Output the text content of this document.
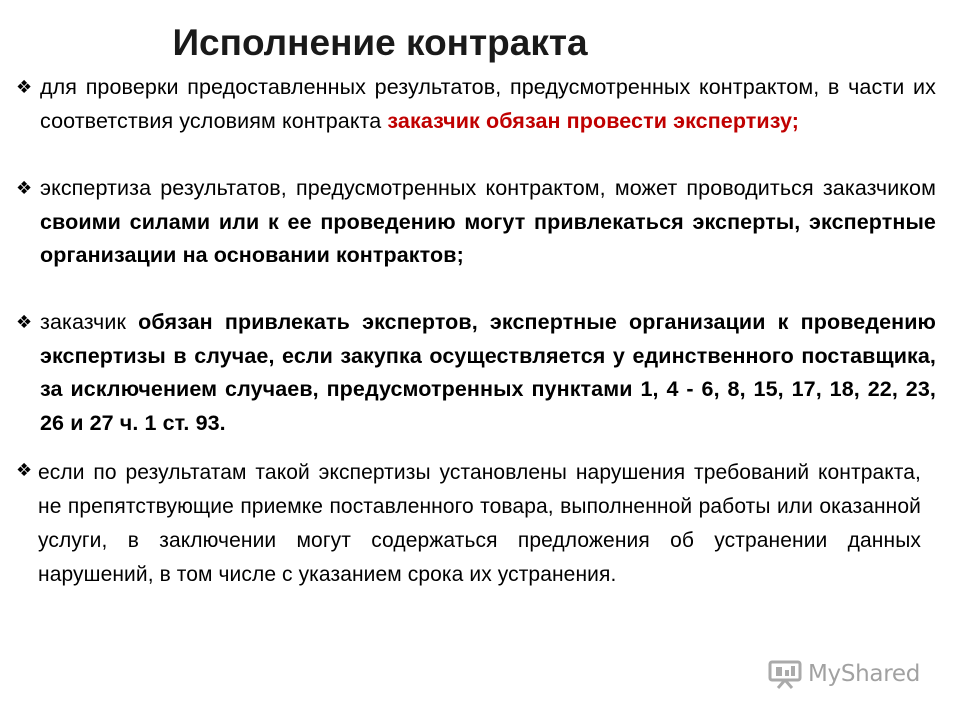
Исполнение контракта
❖ для проверки предоставленных результатов, предусмотренных контрактом, в части их соответствия условиям контракта заказчик обязан провести экспертизу;
❖ экспертиза результатов, предусмотренных контрактом, может проводиться заказчиком своими силами или к ее проведению могут привлекаться эксперты, экспертные организации на основании контрактов;
❖ заказчик обязан привлекать экспертов, экспертные организации к проведению экспертизы в случае, если закупка осуществляется у единственного поставщика, за исключением случаев, предусмотренных пунктами 1, 4 - 6, 8, 15, 17, 18, 22, 23, 26 и 27 ч. 1 ст. 93.
❖ если по результатам такой экспертизы установлены нарушения требований контракта, не препятствующие приемке поставленного товара, выполненной работы или оказанной услуги, в заключении могут содержаться предложения об устранении данных нарушений, в том числе с указанием срока их устранения.
MyShared
